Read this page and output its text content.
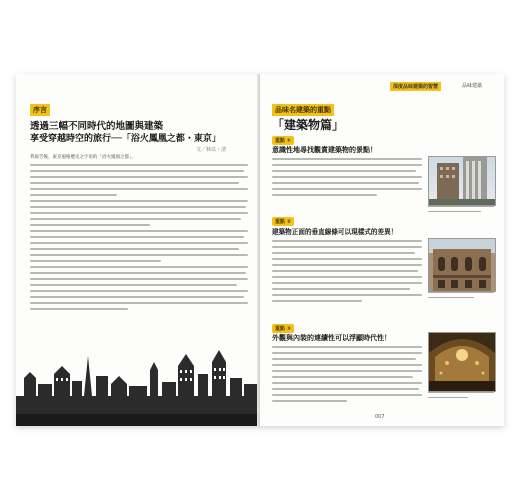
序言
透過三幅不同時代的地圖與建築
享受穿越時空的旅行──「浴火鳳凰之都・東京」
文／林以・清
我報告後，東京風格歷史之宇宙的「浴火鳳凰之都」。
深度品味建築的智慧	品味建築
品味名建築的重點
「建築物篇」
重點 ①
意識性地尋找觀賞建築物的景點！
重點 ②
建築物正面的垂直線條可以現樣式的差異！
重點 ③
外觀與內裝的連續性可以浮顯時代性！
007
